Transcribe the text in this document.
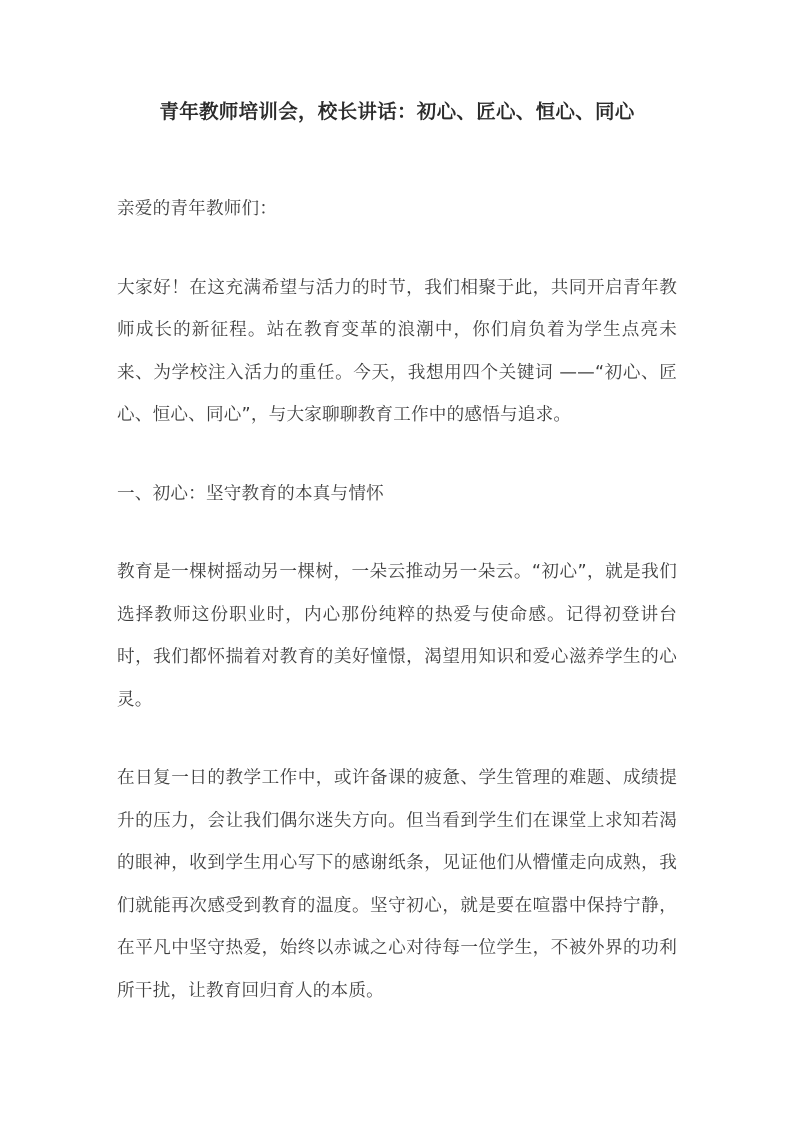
青年教师培训会，校长讲话：初心、匠心、恒心、同心

亲爱的青年教师们：

大家好！在这充满希望与活力的时节，我们相聚于此，共同开启青年教师成长的新征程。站在教育变革的浪潮中，你们肩负着为学生点亮未来、为学校注入活力的重任。今天，我想用四个关键词 ——“初心、匠心、恒心、同心”，与大家聊聊教育工作中的感悟与追求。

一、初心：坚守教育的本真与情怀

教育是一棵树摇动另一棵树，一朵云推动另一朵云。“初心”，就是我们选择教师这份职业时，内心那份纯粹的热爱与使命感。记得初登讲台时，我们都怀揣着对教育的美好憧憬，渴望用知识和爱心滋养学生的心灵。

在日复一日的教学工作中，或许备课的疲惫、学生管理的难题、成绩提升的压力，会让我们偶尔迷失方向。但当看到学生们在课堂上求知若渴的眼神，收到学生用心写下的感谢纸条，见证他们从懵懂走向成熟，我们就能再次感受到教育的温度。坚守初心，就是要在喧嚣中保持宁静，在平凡中坚守热爱，始终以赤诚之心对待每一位学生，不被外界的功利所干扰，让教育回归育人的本质。
